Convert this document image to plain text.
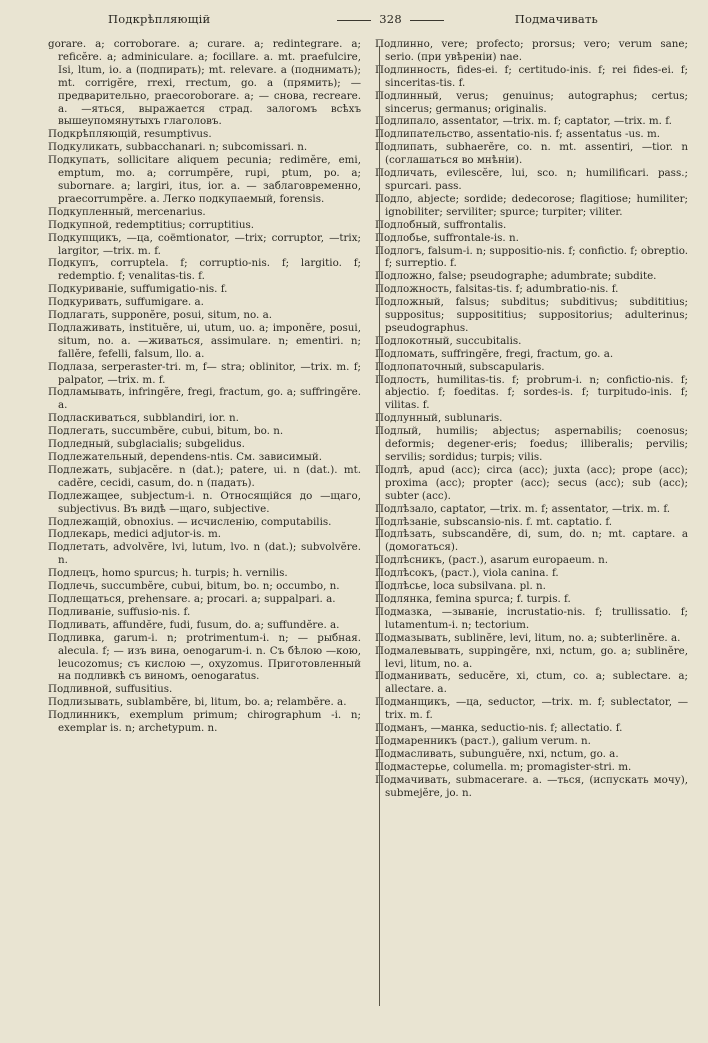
Подкрѣпляющій	328	Подмачивать

gorare. a; corroborare. a; curare. a; redintegrare. a; reficĕre. a; adminiculare. a; focillare. a. mt. praefulcire, Isi, ltum, io. a (подпирать); mt. relevare. a (поднимать); mt. corrigĕre, rrexi, rrectum, go. a (прямить); — предварительно, praecoroborare. a; — снова, recreare. a. —яться, выражается страд. залогомъ всѣхъ вышеупомянутыхъ глаголовъ.

Подкрѣпляющій, resumptivus.

Подкуликать, subbacchanari. n; subcomissari. n.

Подкупать, sollicitare aliquem pecunia; redimĕre, emi, emptum, mo. a; corrumpĕre, rupi, ptum, po. a; subornare. a; largiri, itus, ior. a. — заблаговременно, praecorrumpĕre. a. Легко подкупаемый, forensis.

Подкупленный, mercenarius.

Подкупной, redemptitius; corruptitius.

Подкупщикъ, —ца, coëmtionator, —trix; corruptor, —trix; largitor, —trix. m. f.

Подкупъ, corruptela. f; corruptio-nis. f; largitio. f; redemptio. f; venalitas-tis. f.

Подкуриваніе, suffumigatio-nis. f.

Подкуривать, suffumigare. a.

Подлагать, supponĕre, posui, situm, no. a.

Подлаживать, instituĕre, ui, utum, uo. a; imponĕre, posui, situm, no. a. —живаться, assimulare. n; ementiri. n; fallĕre, fefelli, falsum, llo. a.

Подлаза, serperaster-tri. m, f— stra; oblinitor, —trix. m. f; palpator, —trix. m. f.

Подламывать, infringĕre, fregi, fractum, go. a; suffringĕre. a.

Подласкиваться, subblandiri, ior. n.

Подлегать, succumbĕre, cubui, bitum, bo. n.

Подледный, subglacialis; subgelidus.

Подлежательный, dependens-ntis. См. зависимый.

Подлежать, subjacĕre. n (dat.); patere, ui. n (dat.). mt. cadĕre, cecidi, casum, do. n (падать).

Подлежащее, subjectum-i. n. Относящійся до —щаго, subjectivus. Въ видѣ —щаго, subjective.

Подлежащій, obnoxius. — исчисленію, computabilis.

Подлекарь, medici adjutor-is. m.

Подлетать, advolvĕre, lvi, lutum, lvo. n (dat.); subvolvĕre. n.

Подлецъ, homo spurcus; h. turpis; h. vernilis.

Подлечь, succumbĕre, cubui, bitum, bo. n; occumbo, n.

Подлещаться, prehensare. a; procari. a; suppalpari. a.

Подливаніе, suffusio-nis. f.

Подливать, affundĕre, fudi, fusum, do. a; suffundĕre. a.

Подливка, garum-i. n; protrimentum-i. n; — рыбная. alecula. f; — изъ вина, oenogarum-i. n. Съ бѣлою —кою, leucozomus; съ кислою —, oxyzomus. Приготовленный на подливкѣ съ виномъ, oenogaratus.

Подливной, suffusitius.

Подлизывать, sublambĕre, bi, litum, bo. a; relambĕre. a.

Подлинникъ, exemplum primum; chirographum -i. n; exemplar is. n; archetypum. n.

Подлинно, vere; profecto; prorsus; vero; verum sane; serio. (при увѣреніи) nae.

Подлинность, fides-ei. f; certitudo-inis. f; rei fides-ei. f; sinceritas-tis. f.

Подлинный, verus; genuinus; autographus; certus; sincerus; germanus; originalis.

Подлипало, assentator, —trix. m. f; captator, —trix. m. f.

Подлипательство, assentatio-nis. f; assentatus -us. m.

Подлипать, subhaerĕre, co. n. mt. assentiri, —tior. n (соглашаться во мнѣніи).

Подличать, evilescĕre, lui, sco. n; humilificari. pass.; spurcari. pass.

Подло, abjecte; sordide; dedecorose; flagitiose; humiliter; ignobiliter; serviliter; spurce; turpiter; viliter.

Подлобный, suffrontalis.

Подлобье, suffrontale-is. n.

Подлогъ, falsum-i. n; suppositio-nis. f; confictio. f; obreptio. f; surreptio. f.

Подложно, false; pseudographe; adumbrate; subdite.

Подложность, falsitas-tis. f; adumbratio-nis. f.

Подложный, falsus; subditus; subditivus; subdititius; suppositus; supposititius; suppositorius; adulterinus; pseudographus.

Подлокотный, succubitalis.

Подломать, suffringĕre, fregi, fractum, go. a.

Подлопаточный, subscapularis.

Подлость, humilitas-tis. f; probrum-i. n; confictio-nis. f; abjectio. f; foeditas. f; sordes-is. f; turpitudo-inis. f; vilitas. f.

Подлунный, sublunaris.

Подлый, humilis; abjectus; aspernabilis; coenosus; deformis; degener-eris; foedus; illiberalis; pervilis; servilis; sordidus; turpis; vilis.

Подлѣ, apud (acc); circa (acc); juxta (acc); prope (acc); proxima (acc); propter (acc); secus (acc); sub (acc); subter (acc).

Подлѣзало, captator, —trix. m. f; assentator, —trix. m. f.

Подлѣзаніе, subscansio-nis. f. mt. captatio. f.

Подлѣзать, subscandĕre, di, sum, do. n; mt. captare. a (домогаться).

Подлѣсникъ, (раст.), asarum europaeum. n.

Подлѣсокъ, (раст.), viola canina. f.

Подлѣсье, loca subsilvana. pl. n.

Подлянка, femina spurca; f. turpis. f.

Подмазка, —зываніе, incrustatio-nis. f; trullissatio. f; lutamentum-i. n; tectorium.

Подмазывать, sublinĕre, levi, litum, no. a; subterlinĕre. a.

Подмалевывать, suppingĕre, nxi, nctum, go. a; sublinĕre, levi, litum, no. a.

Подманивать, seducĕre, xi, ctum, co. a; sublectare. a; allectare. a.

Подманщикъ, —ца, seductor, —trix. m. f; sublectator, —trix. m. f.

Подманъ, —манка, seductio-nis. f; allectatio. f.

Подмаренникъ (раст.), galium verum. n.

Подмасливать, subunguĕre, nxi, nctum, go. a.

Подмастерье, columella. m; promagister-stri. m.

Подмачивать, submacerare. a. —ться, (испускать мочу), submejĕre, jo. n.
